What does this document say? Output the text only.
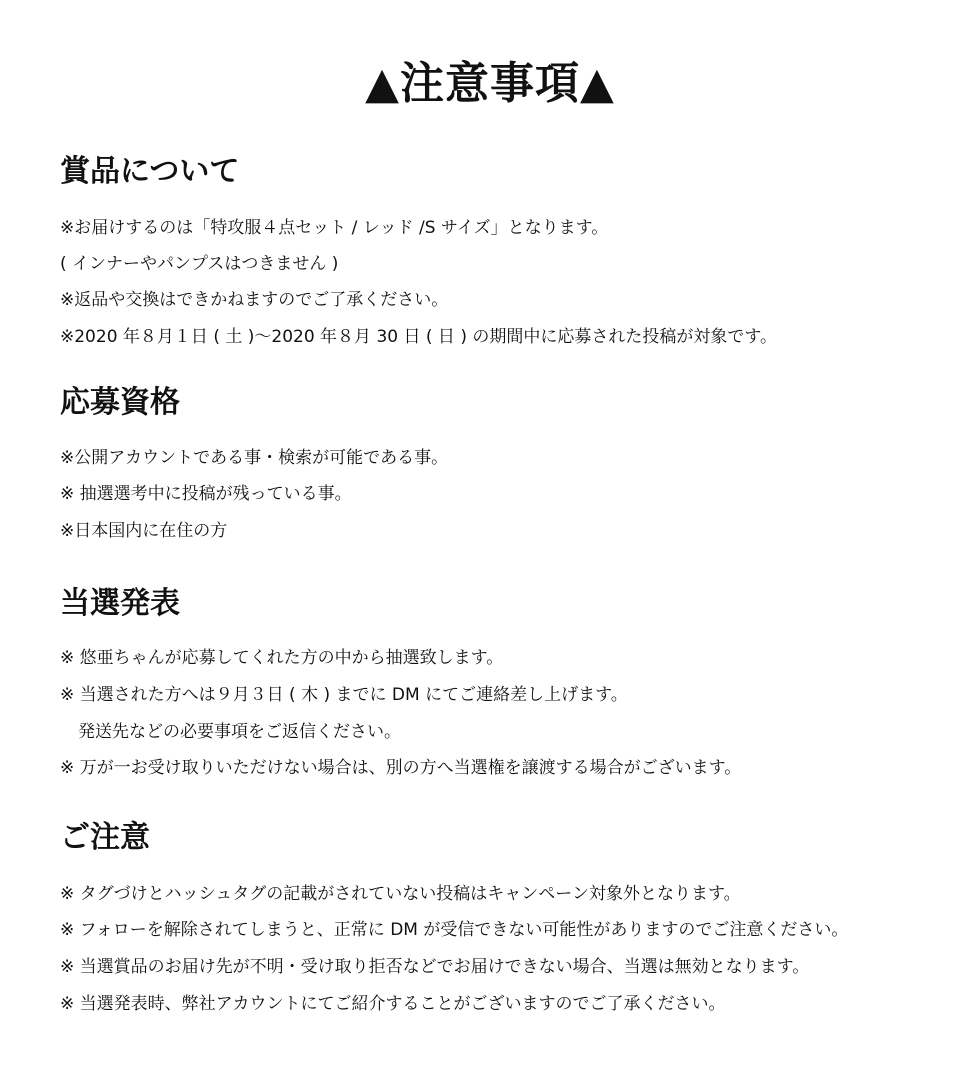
▲注意事項▲
賞品について

※お届けするのは「特攻服４点セット / レッド /S サイズ」となります。

( インナーやパンプスはつきません )

※返品や交換はできかねますのでご了承ください。

※2020 年８月１日 ( 土 )〜2020 年８月 30 日 ( 日 ) の期間中に応募された投稿が対象です。

応募資格

※公開アカウントである事・検索が可能である事。

※ 抽選選考中に投稿が残っている事。

※日本国内に在住の方

当選発表

※ 悠亜ちゃんが応募してくれた方の中から抽選致します。

※ 当選された方へは９月３日 ( 木 ) までに DM にてご連絡差し上げます。

発送先などの必要事項をご返信ください。

※ 万が一お受け取りいただけない場合は、別の方へ当選権を譲渡する場合がございます。

ご注意

※ タグづけとハッシュタグの記載がされていない投稿はキャンペーン対象外となります。

※ フォローを解除されてしまうと、正常に DM が受信できない可能性がありますのでご注意ください。

※ 当選賞品のお届け先が不明・受け取り拒否などでお届けできない場合、当選は無効となります。

※ 当選発表時、弊社アカウントにてご紹介することがございますのでご了承ください。
